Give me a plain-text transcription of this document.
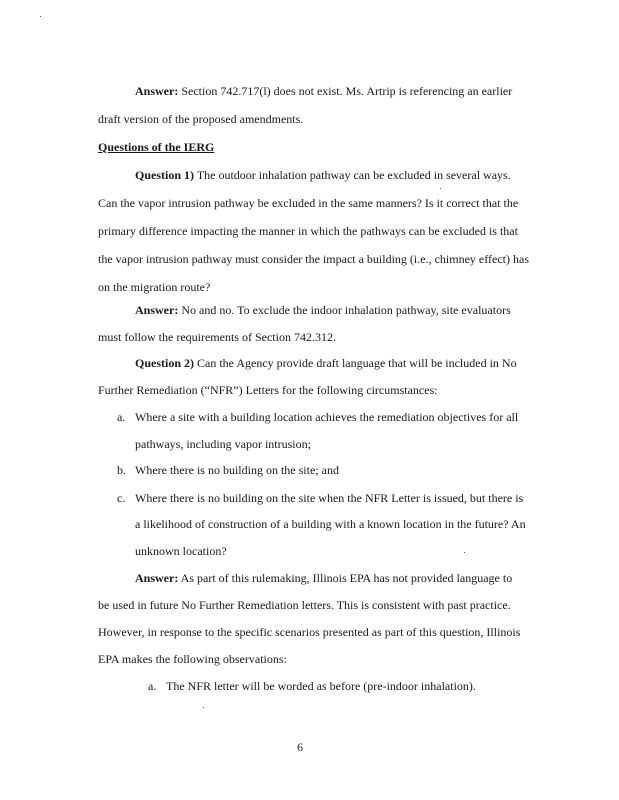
Answer: Section 742.717(l) does not exist. Ms. Artrip is referencing an earlier
draft version of the proposed amendments.
Questions of the IERG
Question 1) The outdoor inhalation pathway can be excluded in several ways.
Can the vapor intrusion pathway be excluded in the same manners? Is it correct that the
primary difference impacting the manner in which the pathways can be excluded is that
the vapor intrusion pathway must consider the impact a building (i.e., chimney effect) has
on the migration route?
Answer: No and no. To exclude the indoor inhalation pathway, site evaluators
must follow the requirements of Section 742.312.
Question 2) Can the Agency provide draft language that will be included in No
Further Remediation (“NFR”) Letters for the following circumstances:
a. Where a site with a building location achieves the remediation objectives for all
pathways, including vapor intrusion;
b. Where there is no building on the site; and
c. Where there is no building on the site when the NFR Letter is issued, but there is
a likelihood of construction of a building with a known location in the future? An
unknown location?
Answer: As part of this rulemaking, Illinois EPA has not provided language to
be used in future No Further Remediation letters. This is consistent with past practice.
However, in response to the specific scenarios presented as part of this question, Illinois
EPA makes the following observations:
a. The NFR letter will be worded as before (pre-indoor inhalation).
6
